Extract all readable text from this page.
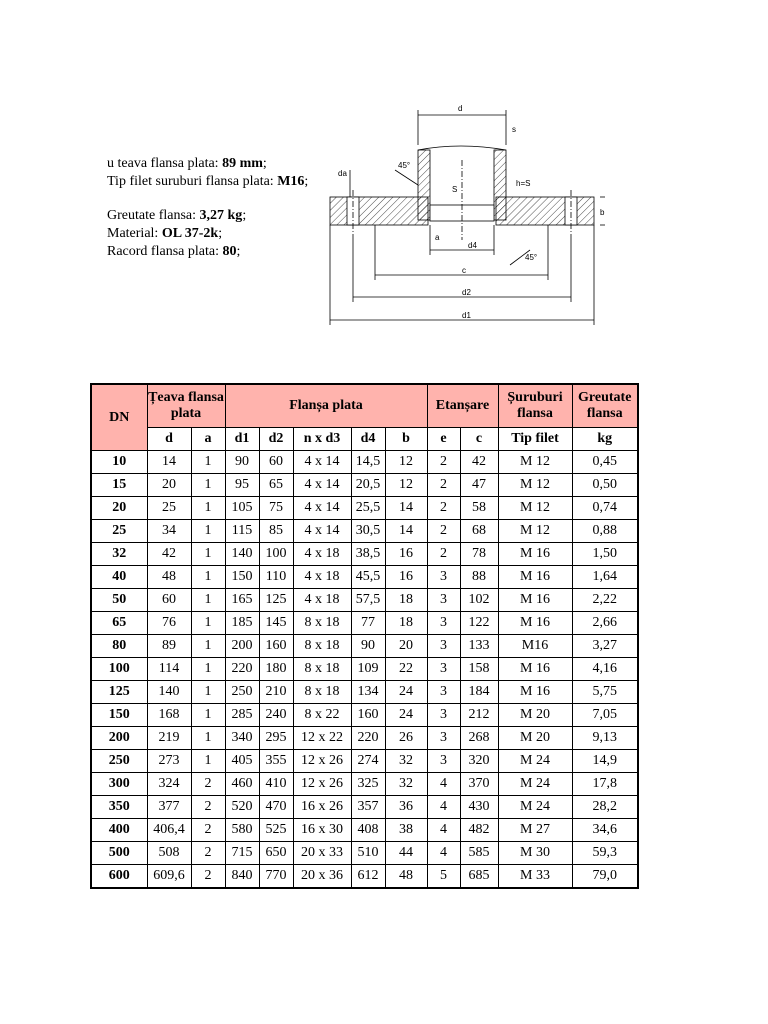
u teava flansa plata: 89 mm;
Tip filet suruburi flansa plata: M16;
Greutate flansa: 3,27 kg;
Material: OL 37-2k;
Racord flansa plata: 80;
d
s
45°
da
S
h=S
b
a
d4
45°
c
d2
d1
DN	Țeava flansa plata		Flanșa plata					Etanșare		Șuruburi flansa	Greutate flansa
	d	a	d1	d2	n x d3	d4	b	e	c	Tip filet	kg
10	14	1	90	60	4 x 14	14,5	12	2	42	M 12	0,45
15	20	1	95	65	4 x 14	20,5	12	2	47	M 12	0,50
20	25	1	105	75	4 x 14	25,5	14	2	58	M 12	0,74
25	34	1	115	85	4 x 14	30,5	14	2	68	M 12	0,88
32	42	1	140	100	4 x 18	38,5	16	2	78	M 16	1,50
40	48	1	150	110	4 x 18	45,5	16	3	88	M 16	1,64
50	60	1	165	125	4 x 18	57,5	18	3	102	M 16	2,22
65	76	1	185	145	8 x 18	77	18	3	122	M 16	2,66
80	89	1	200	160	8 x 18	90	20	3	133	M16	3,27
100	114	1	220	180	8 x 18	109	22	3	158	M 16	4,16
125	140	1	250	210	8 x 18	134	24	3	184	M 16	5,75
150	168	1	285	240	8 x 22	160	24	3	212	M 20	7,05
200	219	1	340	295	12 x 22	220	26	3	268	M 20	9,13
250	273	1	405	355	12 x 26	274	32	3	320	M 24	14,9
300	324	2	460	410	12 x 26	325	32	4	370	M 24	17,8
350	377	2	520	470	16 x 26	357	36	4	430	M 24	28,2
400	406,4	2	580	525	16 x 30	408	38	4	482	M 27	34,6
500	508	2	715	650	20 x 33	510	44	4	585	M 30	59,3
600	609,6	2	840	770	20 x 36	612	48	5	685	M 33	79,0
